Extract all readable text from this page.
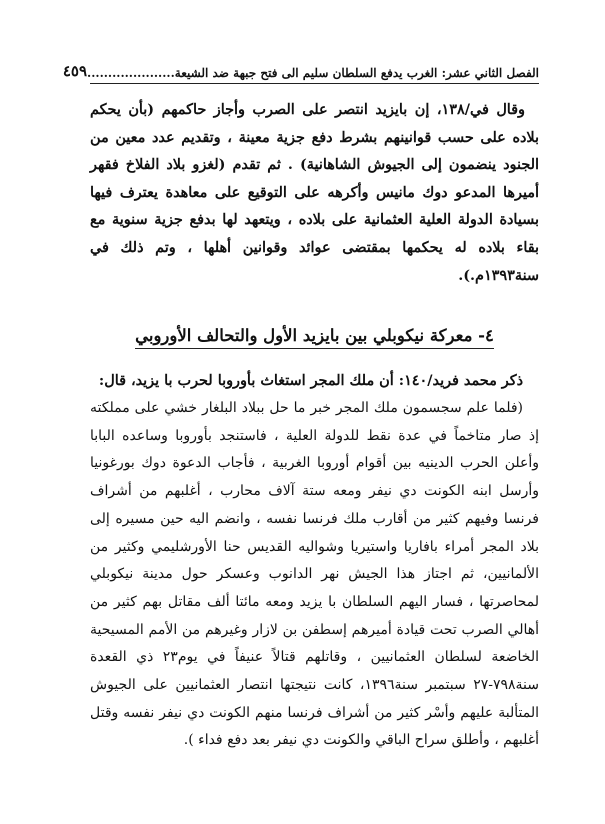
الفصل الثاني عشر: الغرب يدفع السلطان سليم الى فتح جبهة ضد الشيعة.....................
٤٥٩
وقال في/١٣٨، إن بايزيد انتصر على الصرب وأجاز حاكمهم (بأن يحكم بلاده على حسب قوانينهم بشرط دفع جزية معينة ، وتقديم عدد معين من الجنود ينضمون إلى الجيوش الشاهانية) . ثم تقدم (لغزو بلاد الفلاخ فقهر أميرها المدعو دوك مانيس وأكرهه على التوقيع على معاهدة يعترف فيها بسيادة الدولة العلية العثمانية على بلاده ، ويتعهد لها بدفع جزية سنوية مع بقاء بلاده له يحكمها بمقتضى عوائد وقوانين أهلها ، وتم ذلك في سنة١٣٩٣م.).
٤- معركة نيكوبلي بين بايزيد الأول والتحالف الأوروبي
ذكر محمد فريد/١٤٠: أن ملك المجر استغاث بأوروبا لحرب با يزيد، قال:
(فلما علم سجسمون ملك المجر خبر ما حل ببلاد البلغار خشي على مملكته إذ صار متاخماً في عدة نقط للدولة العلية ، فاستنجد بأوروبا وساعده البابا وأعلن الحرب الدينيه بين أقوام أوروبا الغربية ، فأجاب الدعوة دوك بورغونيا وأرسل ابنه الكونت دي نيفر ومعه ستة آلاف محارب ، أغلبهم من أشراف فرنسا وفيهم كثير من أقارب ملك فرنسا نفسه ، وانضم اليه حين مسيره إلى بلاد المجر أمراء بافاريا واستيريا وشواليه القديس حنا الأورشليمي وكثير من الألمانيين، ثم اجتاز هذا الجيش نهر الدانوب وعسكر حول مدينة نيكوبلي لمحاصرتها ، فسار اليهم السلطان با يزيد ومعه مائتا ألف مقاتل بهم كثير من أهالي الصرب تحت قيادة أميرهم إسطفن بن لازار وغيرهم من الأمم المسيحية الخاضعة لسلطان العثمانيين ، وقاتلهم قتالاً عنيفاً في يوم٢٣ ذي القعدة سنة٧٩٨-٢٧ سبتمبر سنة١٣٩٦، كانت نتيجتها انتصار العثمانيين على الجيوش المتألبة عليهم وأسْر كثير من أشراف فرنسا منهم الكونت دي نيفر نفسه وقتل أغلبهم ، وأطلق سراح الباقي والكونت دي نيفر بعد دفع فداء ).
